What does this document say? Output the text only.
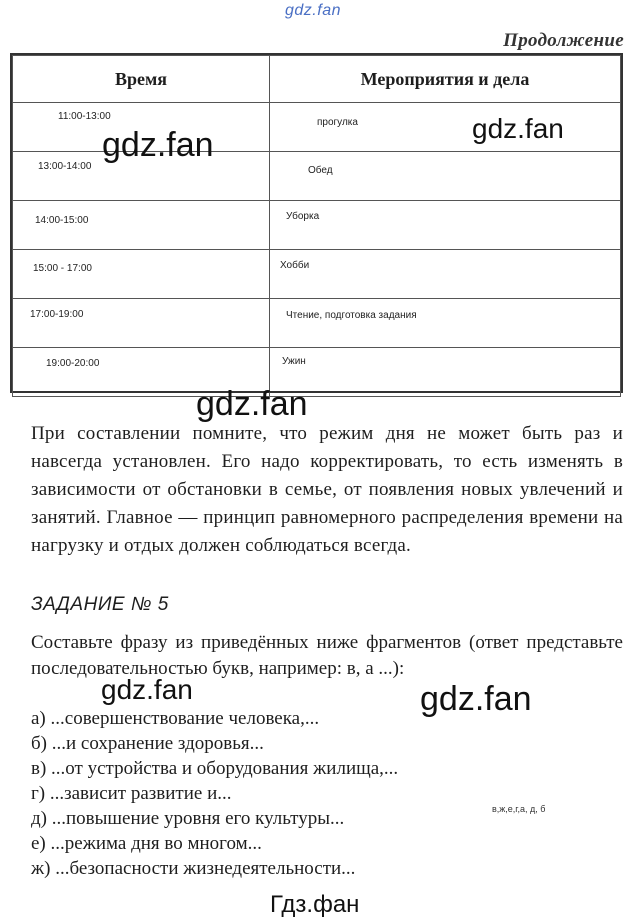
gdz.fan
Продолжение
Время	Мероприятия и дела

11:00-13:00	прогулка

13:00-14:00	Обед

14:00-15:00	Уборка

15:00 - 17:00	Хобби

17:00-19:00	Чтение, подготовка задания

19:00-20:00	Ужин
При составлении помните, что режим дня не может быть раз и навсегда установлен. Его надо корректировать, то есть изменять в зависимости от обстановки в семье, от появления новых увлечений и занятий. Главное — принцип равномерного распределения времени на нагрузку и отдых должен соблюдаться всегда.
ЗАДАНИЕ № 5
Составьте фразу из приведённых ниже фрагментов (ответ представьте последовательностью букв, например: в, а ...):
а) ...совершенствование человека,...
б) ...и сохранение здоровья...
в) ...от устройства и оборудования жилища,...
г) ...зависит развитие и...
д) ...повышение уровня его культуры...
е) ...режима дня во многом...
ж) ...безопасности жизнедеятельности...
в,ж,е,г,а, д, б
gdz.fan	gdz.fan
gdz.fan
gdz.fan	gdz.fan
Гдз.фан
